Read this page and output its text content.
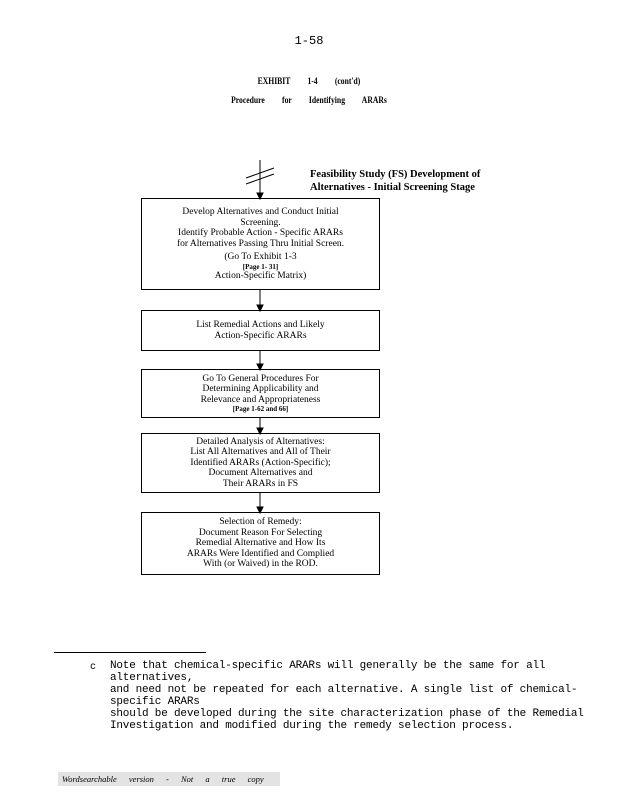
1-58
EXHIBIT 1-4 (cont'd)
Procedure for Identifying ARARs
Feasibility Study (FS) Development of
Alternatives - Initial Screening Stage
Develop Alternatives and Conduct Initial
Screening.
Identify Probable Action - Specific ARARs
for Alternatives Passing Thru Initial Screen.
(Go To Exhibit 1-3
[Page 1- 31]
Action-Specific Matrix)
List Remedial Actions and Likely
Action-Specific ARARs
Go To General Procedures For
Determining Applicability and
Relevance and Appropriateness
[Page 1-62 and 66]
Detailed Analysis of Alternatives:
List All Alternatives and All of Their
Identified ARARs (Action-Specific);
Document Alternatives and
Their ARARs in FS
Selection of Remedy:
Document Reason For Selecting
Remedial Alternative and How Its
ARARs Were Identified and Complied
With (or Waived) in the ROD.
c Note that chemical-specific ARARs will generally be the same for all alternatives,
and need not be repeated for each alternative. A single list of chemical-specific ARARs
should be developed during the site characterization phase of the Remedial
Investigation and modified during the remedy selection process.
Wordsearchable version - Not a true copy
